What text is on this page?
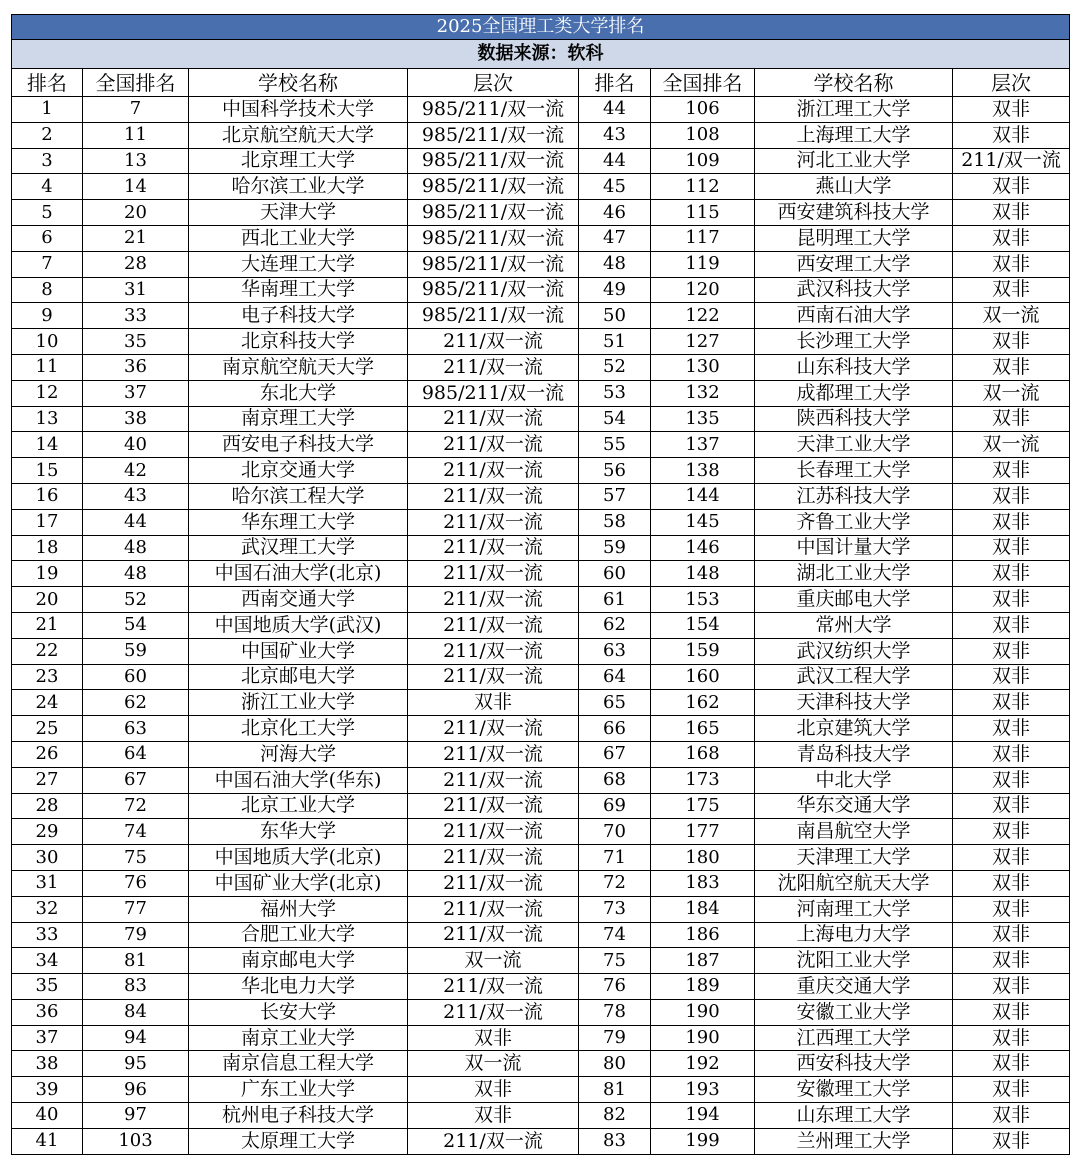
2025全国理工类大学排名							
数据来源：软科							
排名	全国排名	学校名称	层次	排名	全国排名	学校名称	层次
1	7	中国科学技术大学	985/211/双一流	44	106	浙江理工大学	双非
2	11	北京航空航天大学	985/211/双一流	43	108	上海理工大学	双非
3	13	北京理工大学	985/211/双一流	44	109	河北工业大学	211/双一流
4	14	哈尔滨工业大学	985/211/双一流	45	112	燕山大学	双非
5	20	天津大学	985/211/双一流	46	115	西安建筑科技大学	双非
6	21	西北工业大学	985/211/双一流	47	117	昆明理工大学	双非
7	28	大连理工大学	985/211/双一流	48	119	西安理工大学	双非
8	31	华南理工大学	985/211/双一流	49	120	武汉科技大学	双非
9	33	电子科技大学	985/211/双一流	50	122	西南石油大学	双一流
10	35	北京科技大学	211/双一流	51	127	长沙理工大学	双非
11	36	南京航空航天大学	211/双一流	52	130	山东科技大学	双非
12	37	东北大学	985/211/双一流	53	132	成都理工大学	双一流
13	38	南京理工大学	211/双一流	54	135	陕西科技大学	双非
14	40	西安电子科技大学	211/双一流	55	137	天津工业大学	双一流
15	42	北京交通大学	211/双一流	56	138	长春理工大学	双非
16	43	哈尔滨工程大学	211/双一流	57	144	江苏科技大学	双非
17	44	华东理工大学	211/双一流	58	145	齐鲁工业大学	双非
18	48	武汉理工大学	211/双一流	59	146	中国计量大学	双非
19	48	中国石油大学(北京)	211/双一流	60	148	湖北工业大学	双非
20	52	西南交通大学	211/双一流	61	153	重庆邮电大学	双非
21	54	中国地质大学(武汉)	211/双一流	62	154	常州大学	双非
22	59	中国矿业大学	211/双一流	63	159	武汉纺织大学	双非
23	60	北京邮电大学	211/双一流	64	160	武汉工程大学	双非
24	62	浙江工业大学	双非	65	162	天津科技大学	双非
25	63	北京化工大学	211/双一流	66	165	北京建筑大学	双非
26	64	河海大学	211/双一流	67	168	青岛科技大学	双非
27	67	中国石油大学(华东)	211/双一流	68	173	中北大学	双非
28	72	北京工业大学	211/双一流	69	175	华东交通大学	双非
29	74	东华大学	211/双一流	70	177	南昌航空大学	双非
30	75	中国地质大学(北京)	211/双一流	71	180	天津理工大学	双非
31	76	中国矿业大学(北京)	211/双一流	72	183	沈阳航空航天大学	双非
32	77	福州大学	211/双一流	73	184	河南理工大学	双非
33	79	合肥工业大学	211/双一流	74	186	上海电力大学	双非
34	81	南京邮电大学	双一流	75	187	沈阳工业大学	双非
35	83	华北电力大学	211/双一流	76	189	重庆交通大学	双非
36	84	长安大学	211/双一流	78	190	安徽工业大学	双非
37	94	南京工业大学	双非	79	190	江西理工大学	双非
38	95	南京信息工程大学	双一流	80	192	西安科技大学	双非
39	96	广东工业大学	双非	81	193	安徽理工大学	双非
40	97	杭州电子科技大学	双非	82	194	山东理工大学	双非
41	103	太原理工大学	211/双一流	83	199	兰州理工大学	双非
